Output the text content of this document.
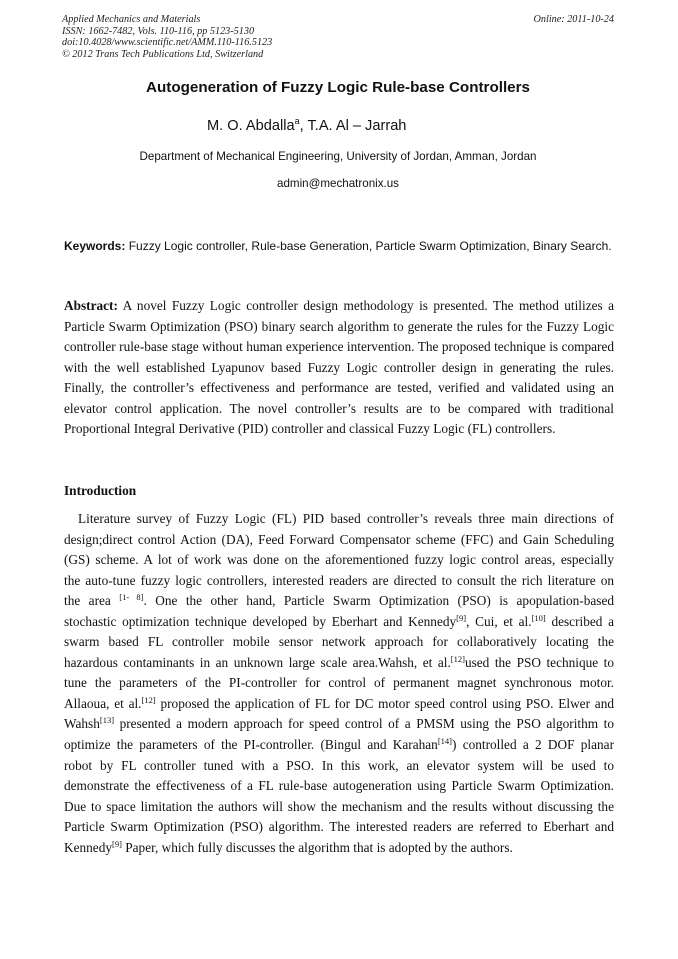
Applied Mechanics and Materials
ISSN: 1662-7482, Vols. 110-116, pp 5123-5130
doi:10.4028/www.scientific.net/AMM.110-116.5123
© 2012 Trans Tech Publications Ltd, Switzerland
Online: 2011-10-24
Autogeneration of Fuzzy Logic Rule-base Controllers
M. O. Abdalla$^a$, T.A. Al – Jarrah
Department of Mechanical Engineering, University of Jordan, Amman, Jordan
admin@mechatronix.us
Keywords: Fuzzy Logic controller, Rule-base Generation, Particle Swarm Optimization, Binary Search.
Abstract: A novel Fuzzy Logic controller design methodology is presented. The method utilizes a Particle Swarm Optimization (PSO) binary search algorithm to generate the rules for the Fuzzy Logic controller rule-base stage without human experience intervention. The proposed technique is compared with the well established Lyapunov based Fuzzy Logic controller design in generating the rules. Finally, the controller’s effectiveness and performance are tested, verified and validated using an elevator control application. The novel controller’s results are to be compared with traditional Proportional Integral Derivative (PID) controller and classical Fuzzy Logic (FL) controllers.
Introduction
Literature survey of Fuzzy Logic (FL) PID based controller’s reveals three main directions of
design;direct control Action (DA), Feed Forward Compensator scheme (FFC) and Gain Scheduling
(GS) scheme. A lot of work was done on the aforementioned fuzzy logic control areas, especially
the auto-tune fuzzy logic controllers, interested readers are directed to consult the rich literature on
the area [1- 8]. One the other hand, Particle Swarm Optimization (PSO) is apopulation-based
stochastic optimization technique developed by Eberhart and Kennedy[9], Cui, et al.[10] described a
swarm based FL controller mobile sensor network approach for collaboratively locating the
hazardous contaminants in an unknown large scale area.Wahsh, et al.[12]used the PSO technique to
tune the parameters of the PI-controller for control of permanent magnet synchronous motor.
Allaoua, et al.[12] proposed the application of FL for DC motor speed control using PSO. Elwer and
Wahsh[13] presented a modern approach for speed control of a PMSM using the PSO algorithm to
optimize the parameters of the PI-controller. (Bingul and Karahan[14]) controlled a 2 DOF planar
robot by FL controller tuned with a PSO. In this work, an elevator system will be used to
demonstrate the effectiveness of a FL rule-base autogeneration using Particle Swarm Optimization.
Due to space limitation the authors will show the mechanism and the results without discussing the
Particle Swarm Optimization (PSO) algorithm. The interested readers are referred to Eberhart and
Kennedy[9] Paper, which fully discusses the algorithm that is adopted by the authors.
